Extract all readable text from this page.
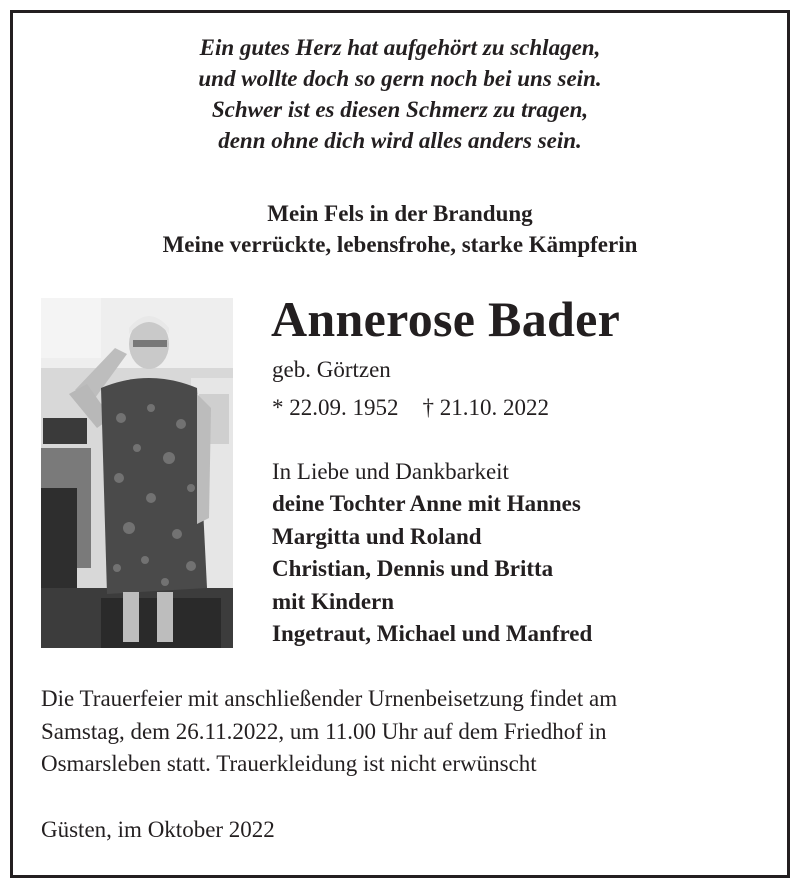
Ein gutes Herz hat aufgehört zu schlagen,
und wollte doch so gern noch bei uns sein.
Schwer ist es diesen Schmerz zu tragen,
denn ohne dich wird alles anders sein.
Mein Fels in der Brandung
Meine verrückte, lebensfrohe, starke Kämpferin
Annerose Bader
geb. Görtzen
* 22.09. 1952 † 21.10. 2022
In Liebe und Dankbarkeit
deine Tochter Anne mit Hannes
Margitta und Roland
Christian, Dennis und Britta
mit Kindern
Ingetraut, Michael und Manfred
Die Trauerfeier mit anschließender Urnenbeisetzung findet am
Samstag, dem 26.11.2022, um 11.00 Uhr auf dem Friedhof in
Osmarsleben statt. Trauerkleidung ist nicht erwünscht
Güsten, im Oktober 2022
